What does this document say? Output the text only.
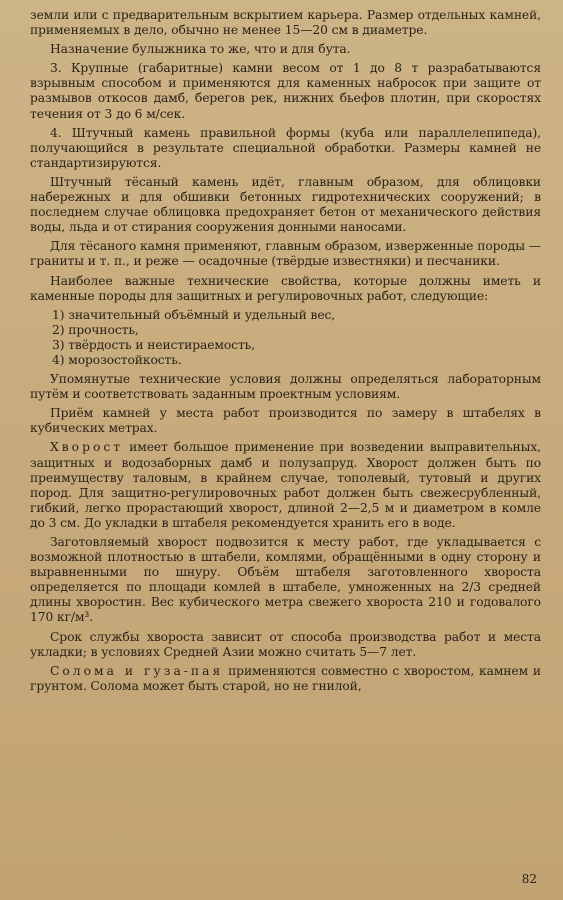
земли или с предварительным вскрытием карьера. Размер отдельных камней, применяемых в дело, обычно не менее 15—20 см в диаметре.

Назначение булыжника то же, что и для бута.

3. Крупные (габаритные) камни весом от 1 до 8 т разрабатываются взрывным способом и применяются для каменных набросок при защите от размывов откосов дамб, берегов рек, нижних бьефов плотин, при скоростях течения от 3 до 6 м/сек.

4. Штучный камень правильной формы (куба или параллелепипеда), получающийся в результате специальной обработки. Размеры камней не стандартизируются.

Штучный тёсаный камень идёт, главным образом, для облицовки набережных и для обшивки бетонных гидротехнических сооружений; в последнем случае облицовка предохраняет бетон от механического действия воды, льда и от стирания сооружения донными наносами.

Для тёсаного камня применяют, главным образом, изверженные породы — граниты и т. п., и реже — осадочные (твёрдые известняки) и песчаники.

Наиболее важные технические свойства, которые должны иметь и каменные породы для защитных и регулировочных работ, следующие:

1) значительный объёмный и удельный вес,
2) прочность,
3) твёрдость и неистираемость,
4) морозостойкость.

Упомянутые технические условия должны определяться лабораторным путём и соответствовать заданным проектным условиям.

Приём камней у места работ производится по замеру в штабелях в кубических метрах.

Хворост имеет большое применение при возведении выправительных, защитных и водозаборных дамб и полузапруд. Хворост должен быть по преимуществу таловым, в крайнем случае, тополевый, тутовый и других пород. Для защитно-регулировочных работ должен быть свежесрубленный, гибкий, легко прорастающий хворост, длиной 2—2,5 м и диаметром в комле до 3 см. До укладки в штабеля рекомендуется хранить его в воде.

Заготовляемый хворост подвозится к месту работ, где укладывается с возможной плотностью в штабели, комлями, обращёнными в одну сторону и выравненными по шнуру. Объём штабеля заготовленного хвороста определяется по площади комлей в штабеле, умноженных на 2/3 средней длины хворостин. Вес кубического метра свежего хвороста 210 и годовалого 170 кг/м³.

Срок службы хвороста зависит от способа производства работ и места укладки; в условиях Средней Азии можно считать 5—7 лет.

Солома и гуза-пая применяются совместно с хворостом, камнем и грунтом. Солома может быть старой, но не гнилой,

82
